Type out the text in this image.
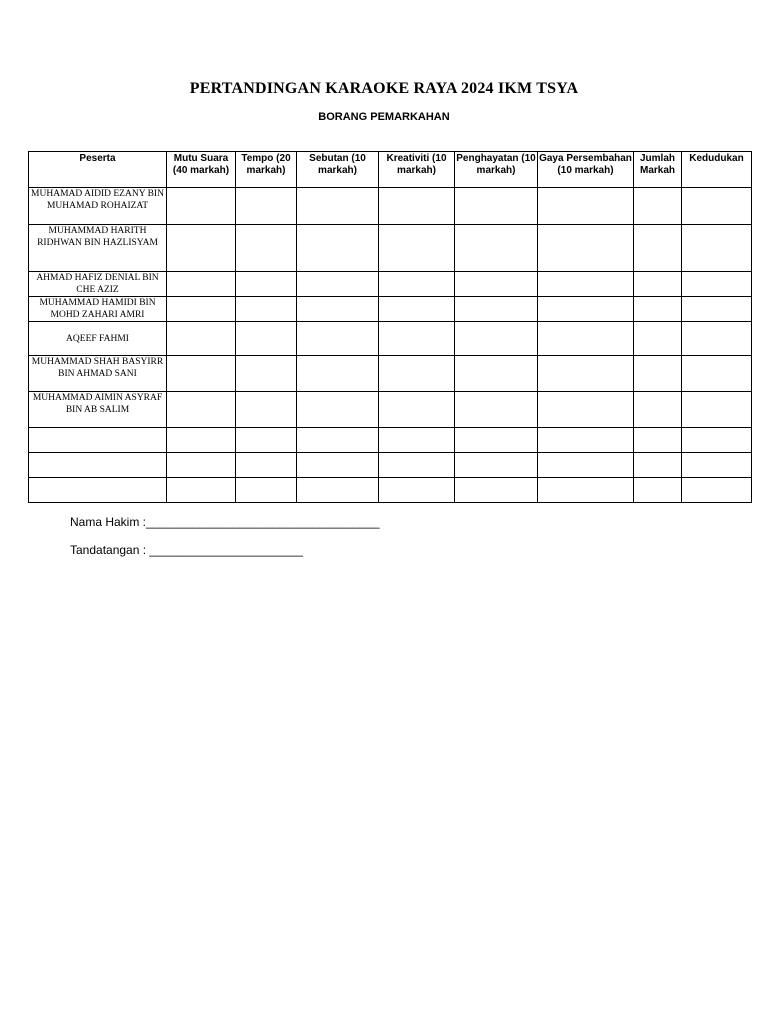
PERTANDINGAN KARAOKE RAYA 2024 IKM TSYA
BORANG PEMARKAHAN
Peserta	Mutu Suara (40 markah)	Tempo (20 markah)	Sebutan (10 markah)	Kreativiti (10 markah)	Penghayatan (10 markah)	Gaya Persembahan (10 markah)	Jumlah Markah	Kedudukan
MUHAMAD AIDID EZANY BIN MUHAMAD ROHAIZAT								
MUHAMMAD HARITH RIDHWAN BIN HAZLISYAM								
AHMAD HAFIZ DENIAL BIN CHE AZIZ								
MUHAMMAD HAMIDI BIN MOHD ZAHARI AMRI								
AQEEF FAHMI								
MUHAMMAD SHAH BASYIRR BIN AHMAD SANI								
MUHAMMAD AIMIN ASYRAF BIN AB SALIM								

Nama Hakim :___________________________________
Tandatangan : _______________________
